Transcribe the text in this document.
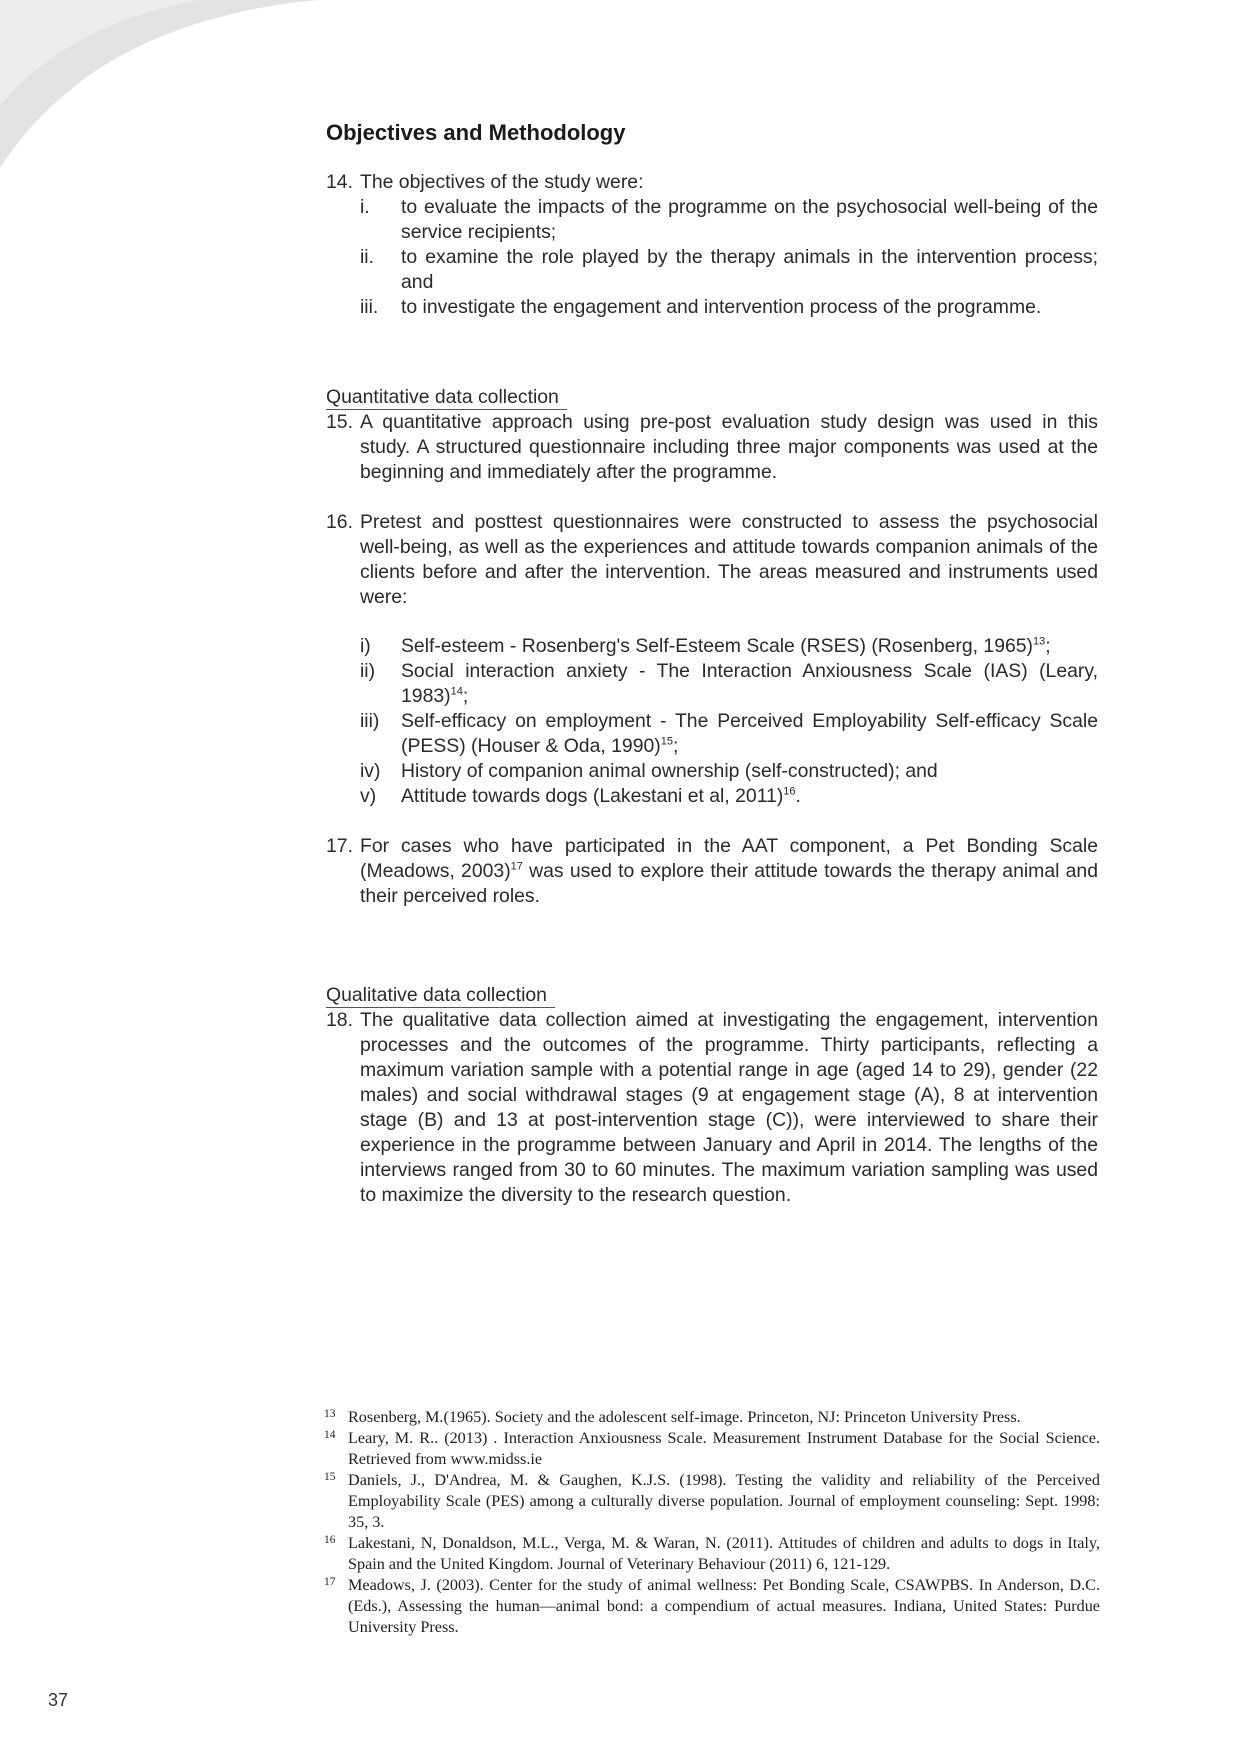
Objectives and Methodology
14. The objectives of the study were:
i. to evaluate the impacts of the programme on the psychosocial well-being of the service recipients;
ii. to examine the role played by the therapy animals in the intervention process; and
iii. to investigate the engagement and intervention process of the programme.
Quantitative data collection
15. A quantitative approach using pre-post evaluation study design was used in this study. A structured questionnaire including three major components was used at the beginning and immediately after the programme.
16. Pretest and posttest questionnaires were constructed to assess the psychosocial well-being, as well as the experiences and attitude towards companion animals of the clients before and after the intervention. The areas measured and instruments used were:
i) Self-esteem - Rosenberg's Self-Esteem Scale (RSES) (Rosenberg, 1965)$^{13}$;
ii) Social interaction anxiety - The Interaction Anxiousness Scale (IAS) (Leary, 1983)$^{14}$;
iii) Self-efficacy on employment - The Perceived Employability Self-efficacy Scale (PESS) (Houser & Oda, 1990)$^{15}$;
iv) History of companion animal ownership (self-constructed); and
v) Attitude towards dogs (Lakestani et al, 2011)$^{16}$.
17. For cases who have participated in the AAT component, a Pet Bonding Scale (Meadows, 2003)$^{17}$ was used to explore their attitude towards the therapy animal and their perceived roles.
Qualitative data collection
18. The qualitative data collection aimed at investigating the engagement, intervention processes and the outcomes of the programme. Thirty participants, reflecting a maximum variation sample with a potential range in age (aged 14 to 29), gender (22 males) and social withdrawal stages (9 at engagement stage (A), 8 at intervention stage (B) and 13 at post-intervention stage (C)), were interviewed to share their experience in the programme between January and April in 2014. The lengths of the interviews ranged from 30 to 60 minutes. The maximum variation sampling was used to maximize the diversity to the research question.
13 Rosenberg, M.(1965). Society and the adolescent self-image. Princeton, NJ: Princeton University Press.
14 Leary, M. R.. (2013) . Interaction Anxiousness Scale. Measurement Instrument Database for the Social Science. Retrieved from www.midss.ie
15 Daniels, J., D'Andrea, M. & Gaughen, K.J.S. (1998). Testing the validity and reliability of the Perceived Employability Scale (PES) among a culturally diverse population. Journal of employment counseling: Sept. 1998: 35, 3.
16 Lakestani, N, Donaldson, M.L., Verga, M. & Waran, N. (2011). Attitudes of children and adults to dogs in Italy, Spain and the United Kingdom. Journal of Veterinary Behaviour (2011) 6, 121-129.
17 Meadows, J. (2003). Center for the study of animal wellness: Pet Bonding Scale, CSAWPBS. In Anderson, D.C. (Eds.), Assessing the human—animal bond: a compendium of actual measures. Indiana, United States: Purdue University Press.
37
